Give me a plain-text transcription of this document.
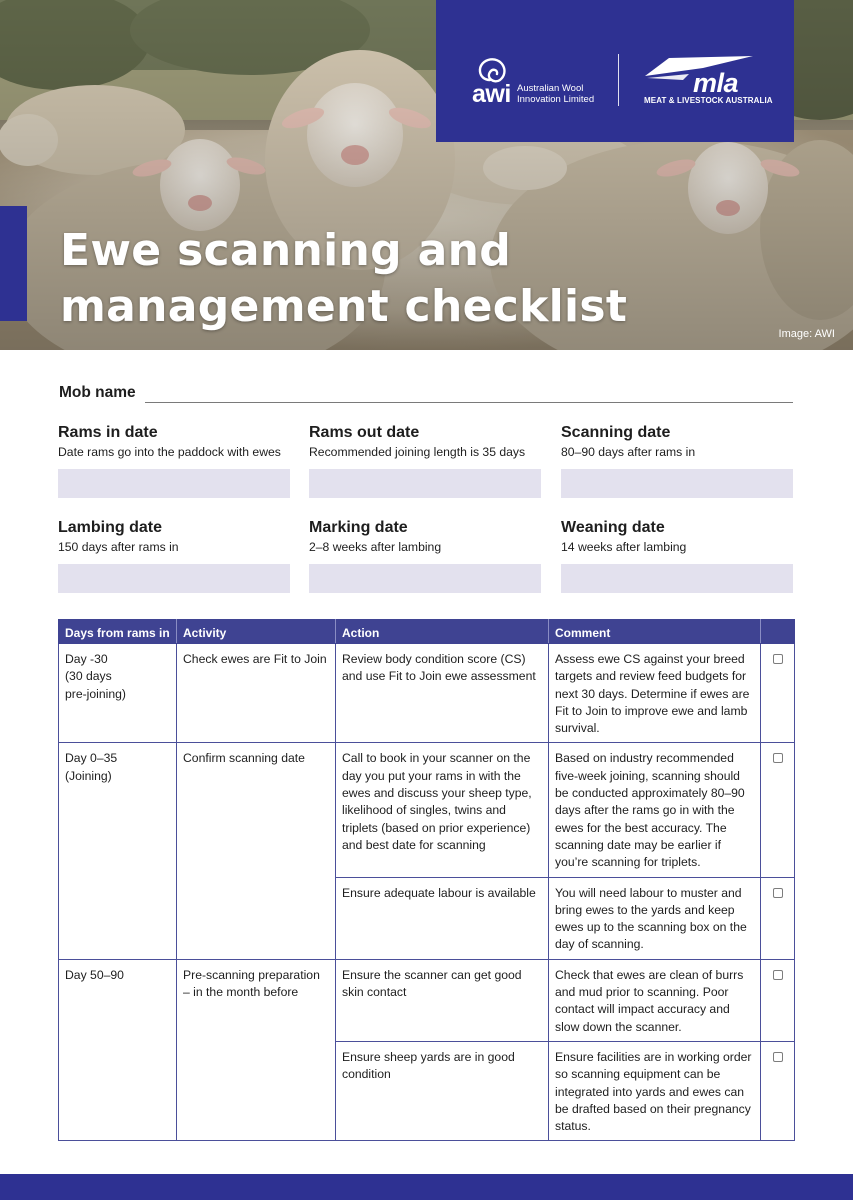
Ewe scanning and
management checklist
Image: AWI
awi Australian Wool
Innovation Limited
mla
MEAT & LIVESTOCK AUSTRALIA
Mob name
Rams in date
Date rams go into the paddock with ewes
Rams out date
Recommended joining length is 35 days
Scanning date
80–90 days after rams in
Lambing date
150 days after rams in
Marking date
2–8 weeks after lambing
Weaning date
14 weeks after lambing
Days from rams in	Activity	Action	Comment	
Day -30
(30 days
pre-joining)	Check ewes are Fit to Join	Review body condition score (CS) and use Fit to Join ewe assessment	Assess ewe CS against your breed targets and review feed budgets for next 30 days. Determine if ewes are Fit to Join to improve ewe and lamb survival.	

Day 0–35
(Joining)	Confirm scanning date	Call to book in your scanner on the day you put your rams in with the ewes and discuss your sheep type, likelihood of singles, twins and triplets (based on prior experience) and best date for scanning	Based on industry recommended five-week joining, scanning should be conducted approximately 80–90 days after the rams go in with the ewes for the best accuracy. The scanning date may be earlier if you’re scanning for triplets.	

		Ensure adequate labour is available	You will need labour to muster and bring ewes to the yards and keep ewes up to the scanning box on the day of scanning.	

Day 50–90	Pre-scanning preparation – in the month before	Ensure the scanner can get good skin contact	Check that ewes are clean of burrs and mud prior to scanning. Poor contact will impact accuracy and slow down the scanner.	

		Ensure sheep yards are in good condition	Ensure facilities are in working order so scanning equipment can be integrated into yards and ewes can be drafted based on their pregnancy status.	
